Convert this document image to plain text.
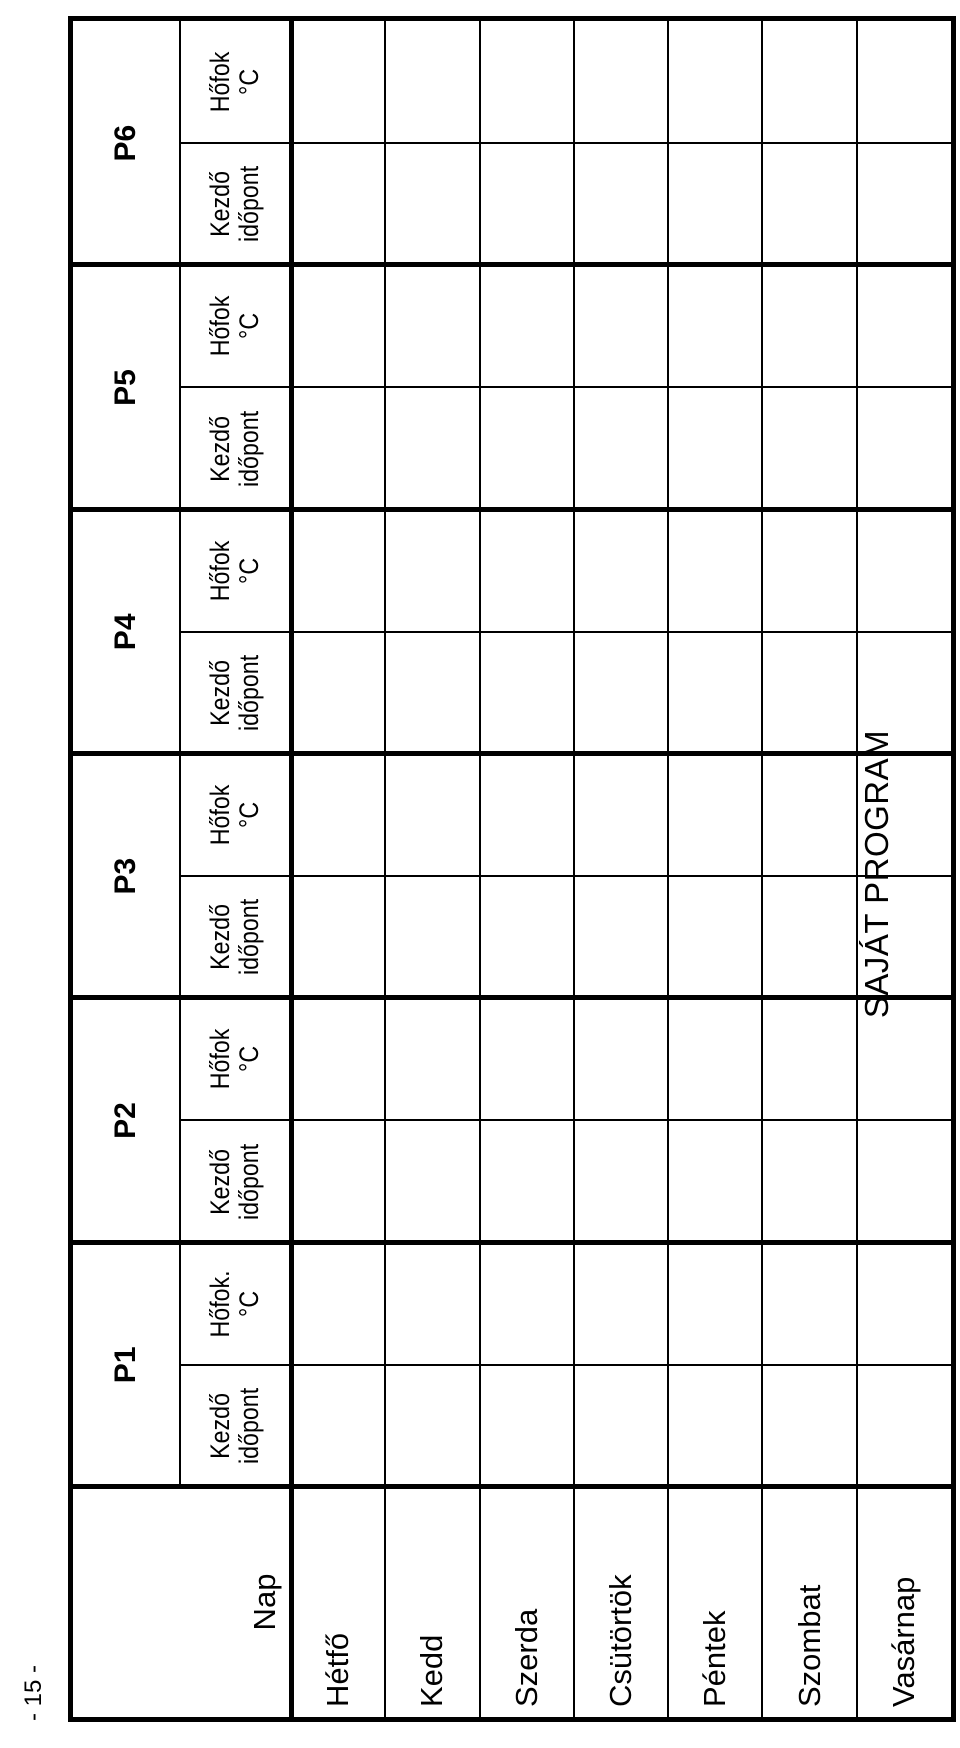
- 15 -
Nap
P1
Kezdő
időpont
Hőfok.
°C
P2
Kezdő
időpont
Hőfok
°C
P3
Kezdő
időpont
Hőfok
°C
P4
Kezdő
időpont
Hőfok
°C
P5
Kezdő
időpont
Hőfok
°C
P6
Kezdő
időpont
Hőfok
°C
Hétfő Kedd Szerda Csütörtök Péntek Szombat Vasárnap
SAJÁT PROGRAM
